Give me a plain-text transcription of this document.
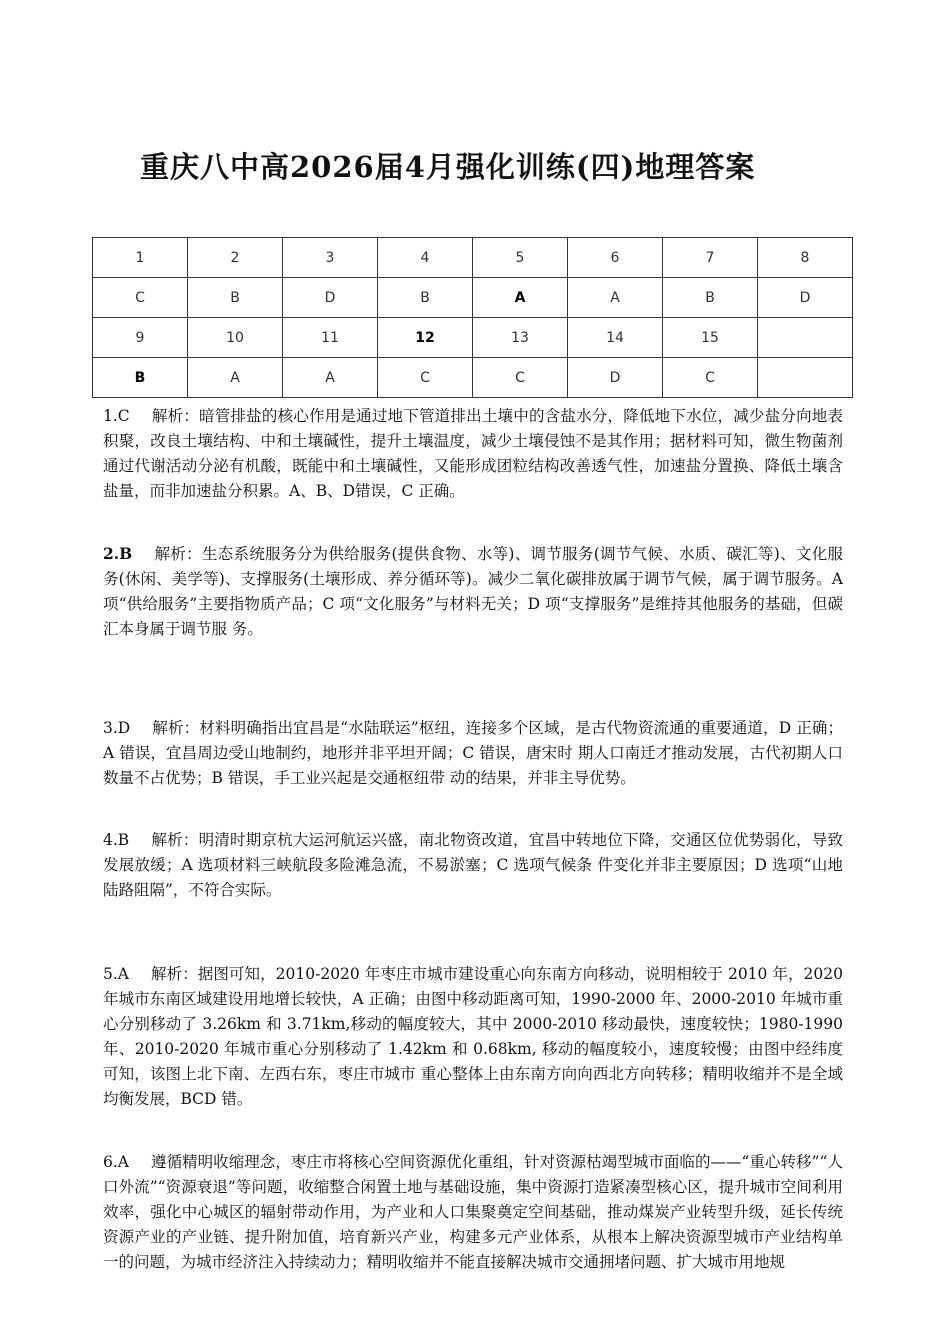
重庆八中高2026届4月强化训练(四)地理答案
1	2	3	4	5	6	7	8
C	B	D	B	A	A	B	D
9	10	11	12	13	14	15	
B	A	A	C	C	D	C	

1.C 解析：暗管排盐的核心作用是通过地下管道排出土壤中的含盐水分，降低地下水位，减少盐分向地表积聚，改良土壤结构、中和土壤碱性，提升土壤温度，减少土壤侵蚀不是其作用；据材料可知，微生物菌剂通过代谢活动分泌有机酸，既能中和土壤碱性，又能形成团粒结构改善透气性，加速盐分置换、降低土壤含盐量，而非加速盐分积累。A、B、D错误，C 正确。

2.B 解析：生态系统服务分为供给服务(提供食物、水等)、调节服务(调节气候、水质、碳汇等)、文化服务(休闲、美学等)、支撑服务(土壤形成、养分循环等)。减少二氧化碳排放属于调节气候，属于调节服务。A 项“供给服务”主要指物质产品；C 项“文化服务”与材料无关；D 项“支撑服务”是维持其他服务的基础，但碳汇本身属于调节服 务。

3.D 解析：材料明确指出宜昌是“水陆联运”枢纽，连接多个区域，是古代物资流通的重要通道，D 正确；A 错误，宜昌周边受山地制约，地形并非平坦开阔；C 错误，唐宋时 期人口南迁才推动发展，古代初期人口数量不占优势；B 错误，手工业兴起是交通枢纽带 动的结果，并非主导优势。

4.B 解析：明清时期京杭大运河航运兴盛，南北物资改道，宜昌中转地位下降，交通区位优势弱化，导致发展放缓；A 选项材料三峡航段多险滩急流，不易淤塞；C 选项气候条 件变化并非主要原因；D 选项“山地陆路阻隔”，不符合实际。

5.A 解析：据图可知，2010-2020 年枣庄市城市建设重心向东南方向移动，说明相较于 2010 年，2020 年城市东南区域建设用地增长较快，A 正确；由图中移动距离可知，1990-2000 年、2000-2010 年城市重心分别移动了 3.26km 和 3.71km,移动的幅度较大，其中 2000-2010 移动最快，速度较快；1980-1990 年、2010-2020 年城市重心分别移动了 1.42km 和 0.68km, 移动的幅度较小，速度较慢；由图中经纬度可知，该图上北下南、左西右东，枣庄市城市 重心整体上由东南方向向西北方向转移；精明收缩并不是全域均衡发展，BCD 错。

6.A 遵循精明收缩理念，枣庄市将核心空间资源优化重组，针对资源枯竭型城市面临的——“重心转移”“人口外流”“资源衰退”等问题，收缩整合闲置土地与基础设施，集中资源打造紧凑型核心区，提升城市空间利用效率，强化中心城区的辐射带动作用，为产业和人口集聚奠定空间基础，推动煤炭产业转型升级，延长传统资源产业的产业链、提升附加值，培育新兴产业，构建多元产业体系，从根本上解决资源型城市产业结构单一的问题，为城市经济注入持续动力；精明收缩并不能直接解决城市交通拥堵问题、扩大城市用地规
